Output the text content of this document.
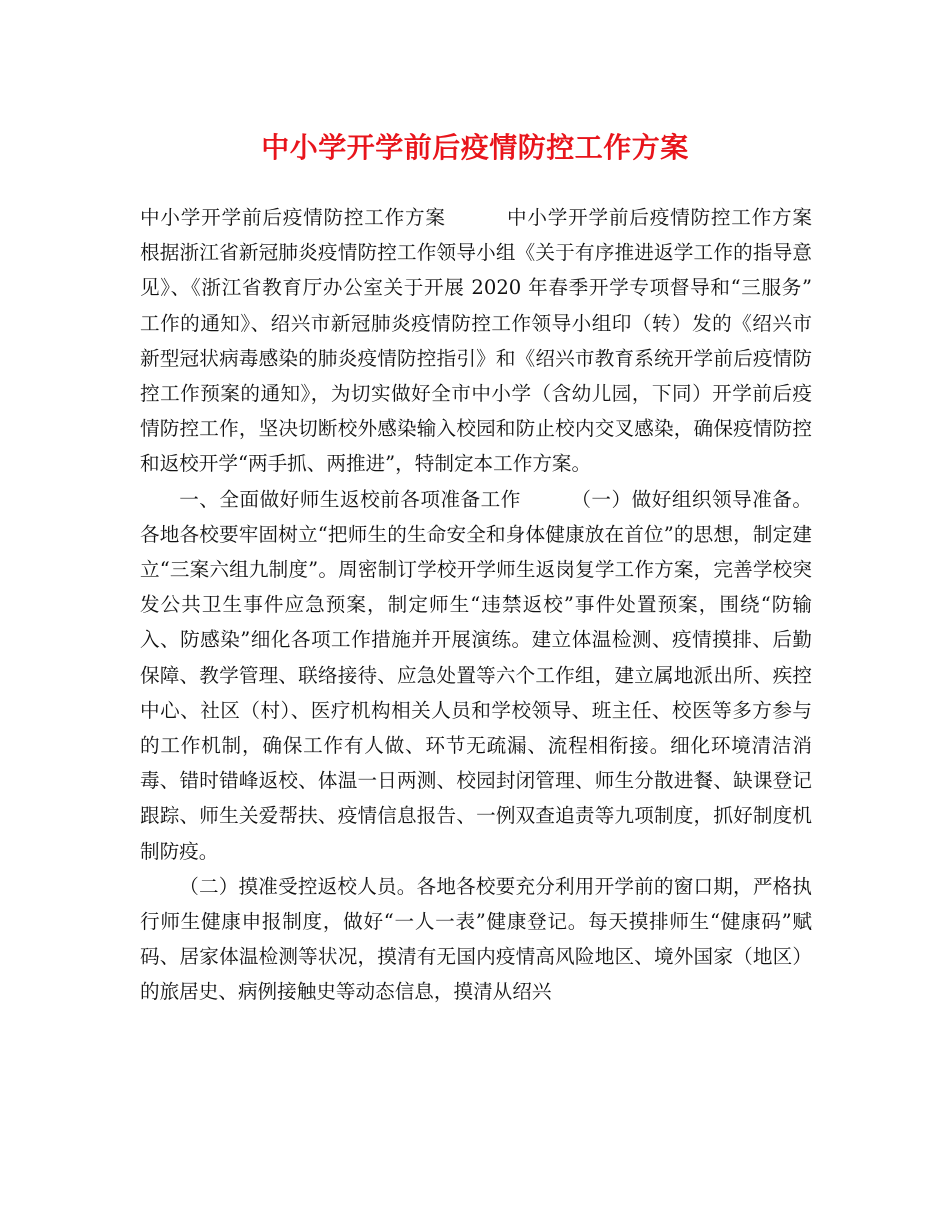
中小学开学前后疫情防控工作方案

中小学开学前后疫情防控工作方案　　　中小学开学前后疫情防控工作方案　　　根据浙江省新冠肺炎疫情防控工作领导小组《关于有序推进返学工作的指导意见》、《浙江省教育厅办公室关于开展 2020 年春季开学专项督导和“三服务” 工作的通知》、绍兴市新冠肺炎疫情防控工作领导小组印（转）发的《绍兴市新型冠状病毒感染的肺炎疫情防控指引》和《绍兴市教育系统开学前后疫情防控工作预案的通知》，为切实做好全市中小学（含幼儿园，下同）开学前后疫情防控工作，坚决切断校外感染输入校园和防止校内交叉感染，确保疫情防控和返校开学“两手抓、两推进”，特制定本工作方案。

一、全面做好师生返校前各项准备工作　　　（一）做好组织领导准备。各地各校要牢固树立“把师生的生命安全和身体健康放在首位”的思想，制定建立“三案六组九制度”。周密制订学校开学师生返岗复学工作方案，完善学校突发公共卫生事件应急预案，制定师生“违禁返校”事件处置预案，围绕“防输入、防感染”细化各项工作措施并开展演练。建立体温检测、疫情摸排、后勤保障、教学管理、联络接待、应急处置等六个工作组，建立属地派出所、疾控中心、社区（村）、医疗机构相关人员和学校领导、班主任、校医等多方参与的工作机制，确保工作有人做、环节无疏漏、流程相衔接。细化环境清洁消毒、错时错峰返校、体温一日两测、校园封闭管理、师生分散进餐、缺课登记跟踪、师生关爱帮扶、疫情信息报告、一例双查追责等九项制度，抓好制度机制防疫。

（二）摸准受控返校人员。各地各校要充分利用开学前的窗口期，严格执行师生健康申报制度，做好“一人一表”健康登记。每天摸排师生“健康码”赋码、居家体温检测等状况，摸清有无国内疫情高风险地区、境外国家（地区）的旅居史、病例接触史等动态信息，摸清从绍兴
